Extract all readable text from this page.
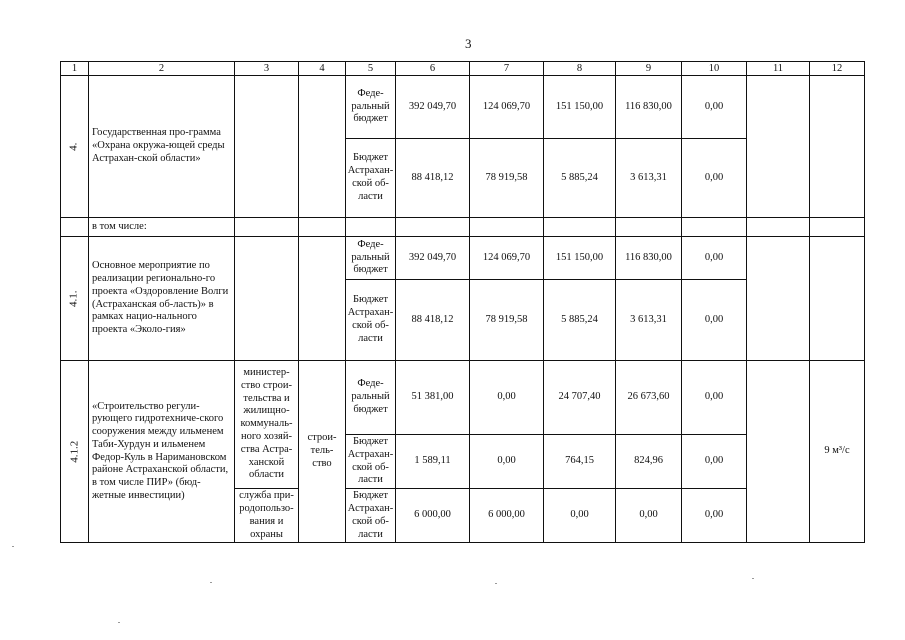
3
1	2	3	4	5	6	7	8	9	10	11	12
4.	Государственная про-грамма «Охрана окружа-ющей среды Астрахан-ской области»			Феде-ральный бюджет	392 049,70	124 069,70	151 150,00	116 830,00	0,00		
				Бюджет Астрахан-ской об-ласти	88 418,12	78 919,58	5 885,24	3 613,31	0,00		
	в том числе:										
4.1.	Основное мероприятие по реализации регионально-го проекта «Оздоровление Волги (Астраханская об-ласть)» в рамках нацио-нального проекта «Эколо-гия»			Феде-ральный бюджет	392 049,70	124 069,70	151 150,00	116 830,00	0,00		
				Бюджет Астрахан-ской об-ласти	88 418,12	78 919,58	5 885,24	3 613,31	0,00		
4.1.2	«Строительство регули-рующего гидротехниче-ского сооружения между ильменем Таби-Хурдун и ильменем Федор-Куль в Наримановском районе Астраханской области, в том числе ПИР» (бюд-жетные инвестиции)	министер-ство строи-тельства и жилищно-коммуналь-ного хозяй-ства Астра-ханской области	строи-тель-ство	Феде-ральный бюджет	51 381,00	0,00	24 707,40	26 673,60	0,00		9 м³/с
				Бюджет Астрахан-ской об-ласти	1 589,11	0,00	764,15	824,96	0,00		
		служба при-родопользо-вания и охраны		Бюджет Астрахан-ской об-ласти	6 000,00	6 000,00	0,00	0,00	0,00		
